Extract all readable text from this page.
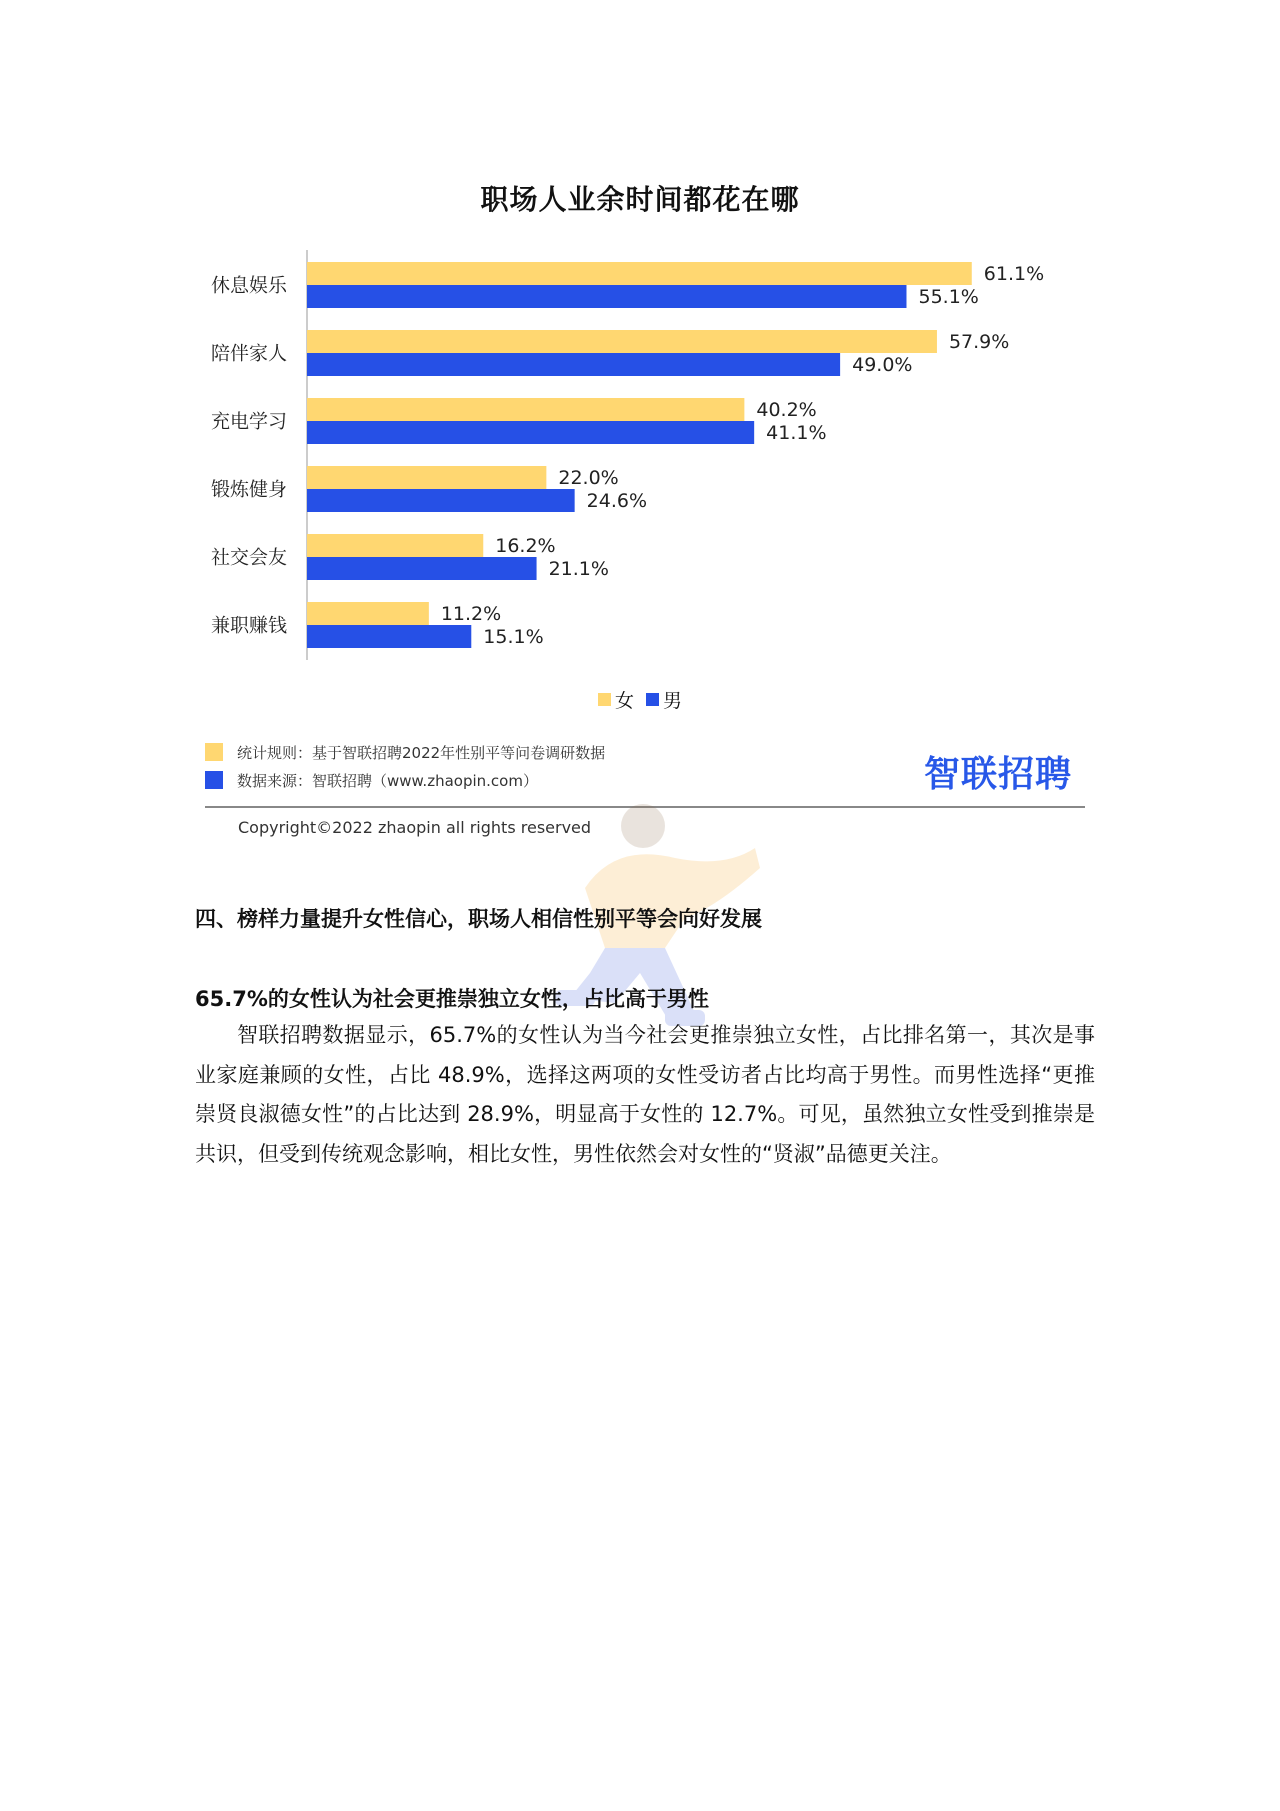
职场人业余时间都花在哪
休息娱乐
61.1%
55.1%
陪伴家人
57.9%
49.0%
充电学习
40.2%
41.1%
锻炼健身
22.0%
24.6%
社交会友
16.2%
21.1%
兼职赚钱
11.2%
15.1%
女
男
统计规则：基于智联招聘2022年性别平等问卷调研数据
数据来源：智联招聘（www.zhaopin.com）	智联招聘
Copyright©2022 zhaopin all rights reserved
四、榜样力量提升女性信心，职场人相信性别平等会向好发展
65.7%的女性认为社会更推崇独立女性，占比高于男性
智联招聘数据显示，65.7%的女性认为当今社会更推崇独立女性，占比排名第一，其次是事业家庭兼顾的女性，占比 48.9%，选择这两项的女性受访者占比均高于男性。而男性选择“更推崇贤良淑德女性”的占比达到 28.9%，明显高于女性的 12.7%。可见，虽然独立女性受到推崇是共识，但受到传统观念影响，相比女性，男性依然会对女性的“贤淑”品德更关注。
